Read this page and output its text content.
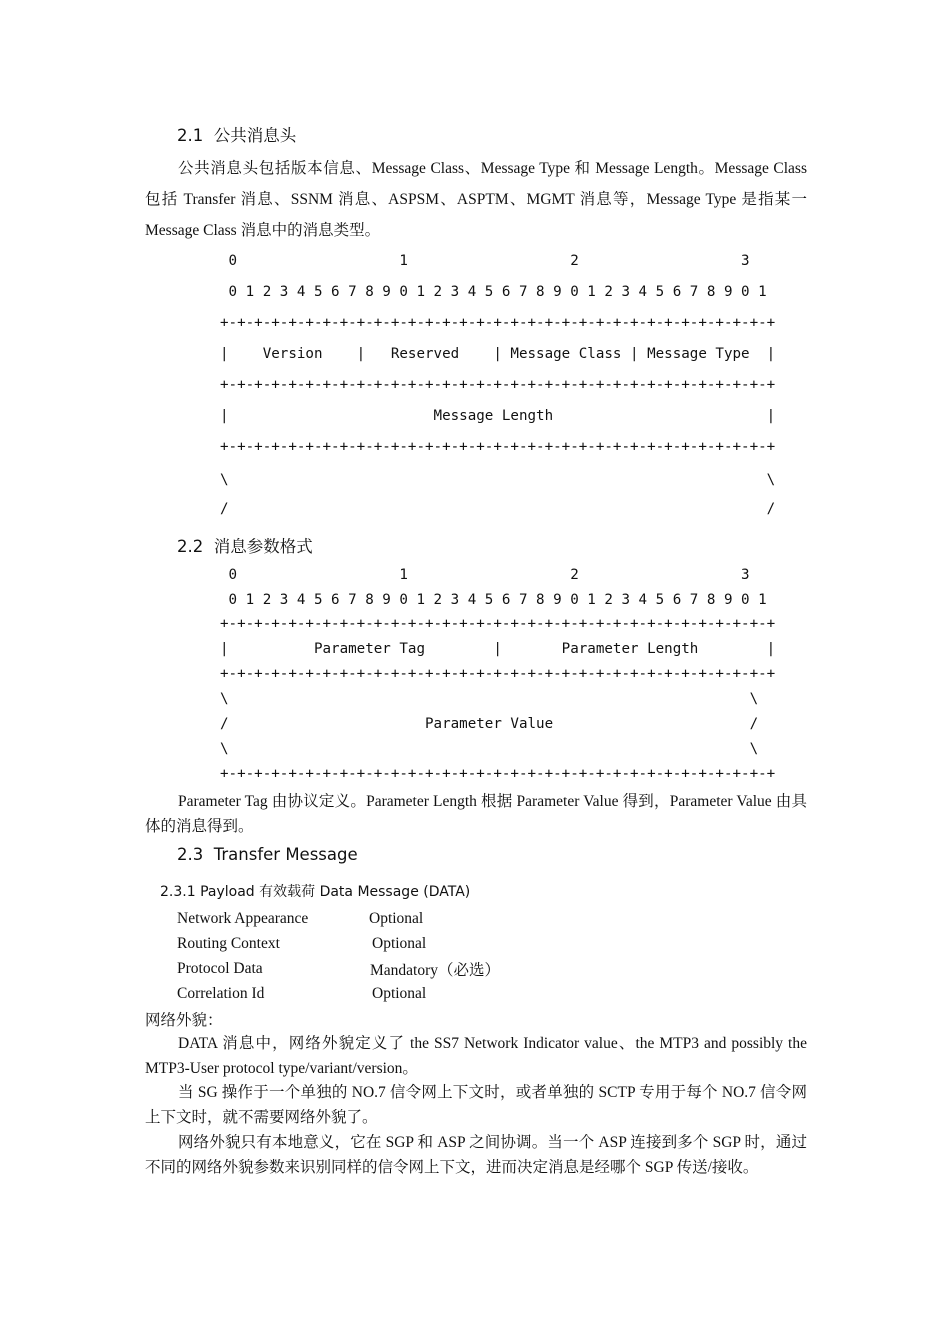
2.1  公共消息头
公共消息头包括版本信息、Message Class、Message Type 和 Message Length。Message Class 包括 Transfer 消息、SSNM 消息、ASPSM、ASPTM、MGMT 消息等，Message Type 是指某一 Message Class 消息中的消息类型。
0                   1                   2                   3
0 1 2 3 4 5 6 7 8 9 0 1 2 3 4 5 6 7 8 9 0 1 2 3 4 5 6 7 8 9 0 1
+-+-+-+-+-+-+-+-+-+-+-+-+-+-+-+-+-+-+-+-+-+-+-+-+-+-+-+-+-+-+-+-+
|    Version    |   Reserved    | Message Class | Message Type  |
+-+-+-+-+-+-+-+-+-+-+-+-+-+-+-+-+-+-+-+-+-+-+-+-+-+-+-+-+-+-+-+-+
|                        Message Length                         |
+-+-+-+-+-+-+-+-+-+-+-+-+-+-+-+-+-+-+-+-+-+-+-+-+-+-+-+-+-+-+-+-+
\                                                               \
/                                                               /
2.2  消息参数格式
0                   1                   2                   3
0 1 2 3 4 5 6 7 8 9 0 1 2 3 4 5 6 7 8 9 0 1 2 3 4 5 6 7 8 9 0 1
+-+-+-+-+-+-+-+-+-+-+-+-+-+-+-+-+-+-+-+-+-+-+-+-+-+-+-+-+-+-+-+-+
|          Parameter Tag        |       Parameter Length        |
+-+-+-+-+-+-+-+-+-+-+-+-+-+-+-+-+-+-+-+-+-+-+-+-+-+-+-+-+-+-+-+-+
\                                                             \
/                       Parameter Value                       /
\                                                             \
+-+-+-+-+-+-+-+-+-+-+-+-+-+-+-+-+-+-+-+-+-+-+-+-+-+-+-+-+-+-+-+-+
Parameter Tag 由协议定义。Parameter Length 根据 Parameter Value 得到，Parameter Value 由具体的消息得到。
2.3  Transfer Message
2.3.1 Payload 有效载荷 Data Message (DATA)
Network Appearance	Optional
Routing Context	Optional
Protocol Data	Mandatory（必选）
Correlation Id	Optional
网络外貌：
DATA 消息中，网络外貌定义了 the SS7 Network Indicator value、the MTP3 and possibly the MTP3-User protocol type/variant/version。
当 SG 操作于一个单独的 NO.7 信令网上下文时，或者单独的 SCTP 专用于每个 NO.7 信令网上下文时，就不需要网络外貌了。
网络外貌只有本地意义，它在 SGP 和 ASP 之间协调。当一个 ASP 连接到多个 SGP 时，通过不同的网络外貌参数来识别同样的信令网上下文，进而决定消息是经哪个 SGP 传送/接收。
